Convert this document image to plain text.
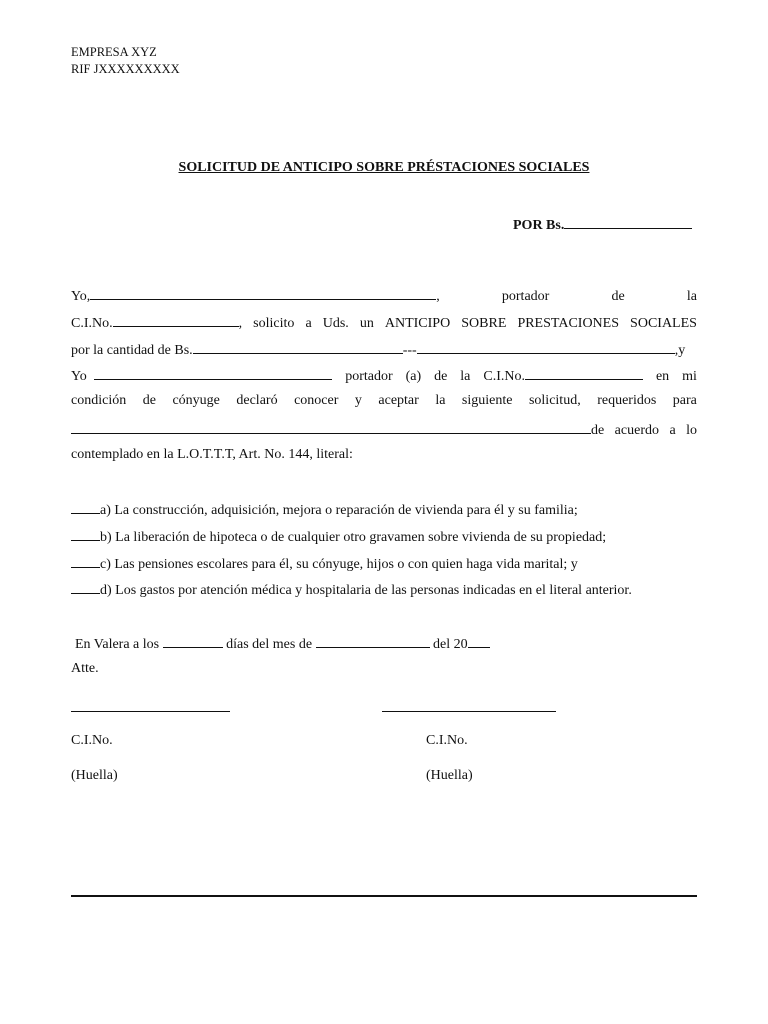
EMPRESA XYZ
RIF JXXXXXXXXX
SOLICITUD DE ANTICIPO SOBRE PRÉSTACIONES SOCIALES
POR Bs.
Yo,	,	portador	de	la
C.I.No.	, solicito a Uds. un ANTICIPO SOBRE PRESTACIONES SOCIALES
por la cantidad de Bs.	---	,y
Yo	portador (a) de la C.I.No.	en mi
condición de cónyuge declaró conocer y aceptar la siguiente solicitud, requeridos para
de acuerdo a lo
contemplado en la L.O.T.T.T, Art. No. 144, literal:
a) La construcción, adquisición, mejora o reparación de vivienda para él y su familia;
b) La liberación de hipoteca o de cualquier otro gravamen sobre vivienda de su propiedad;
c) Las pensiones escolares para él, su cónyuge, hijos o con quien haga vida marital; y
d) Los gastos por atención médica y hospitalaria de las personas indicadas en el literal anterior.
En Valera a los	días del mes de	del 20
Atte.
C.I.No.	C.I.No.
(Huella)	(Huella)
